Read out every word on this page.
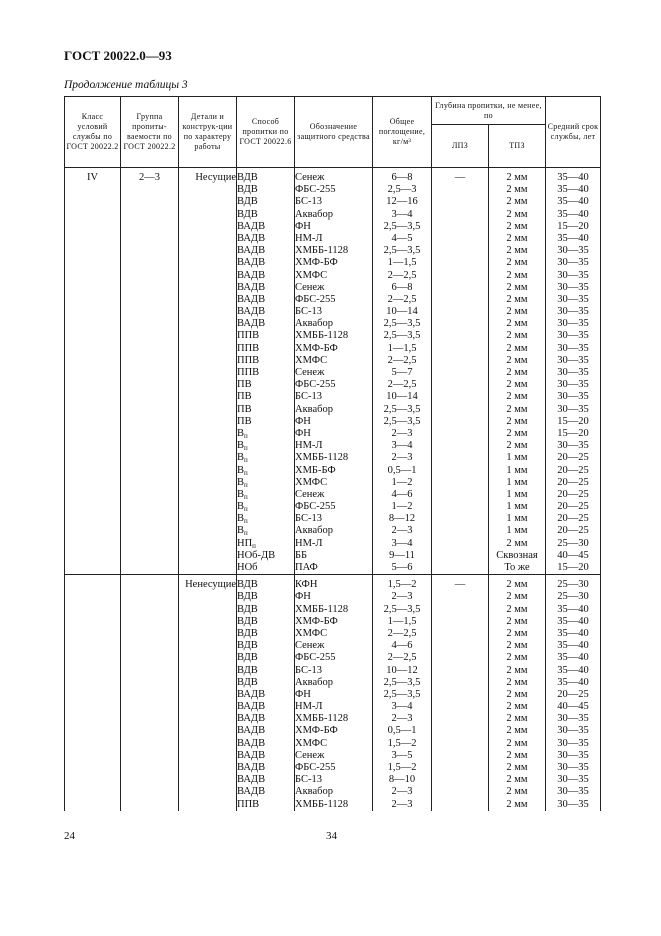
ГОСТ 20022.0—93
Продолжение таблицы 3
Класс условий службы по ГОСТ 20022.2	Группа пропиты-ваемости по ГОСТ 20022.2	Детали и конструк-ции по характеру работы	Способ пропитки по ГОСТ 20022.6	Обозначение защитного средства	Общее поглощение, кг/м³	Глубина пропитки, не менее, по		Средний срок службы, лет
						ЛПЗ	ТПЗ	

IV	2—3	Несущие	ВДВ	Сенеж	6—8	—	2 мм	35—40
			ВДВ	ФБС-255	2,5—3		2 мм	35—40
			ВДВ	БС-13	12—16		2 мм	35—40
			ВДВ	Аквабор	3—4		2 мм	35—40
			ВАДВ	ФН	2,5—3,5		2 мм	15—20
			ВАДВ	НМ-Л	4—5		2 мм	35—40
			ВАДВ	ХМББ-1128	2,5—3,5		2 мм	30—35
			ВАДВ	ХМФ-БФ	1—1,5		2 мм	30—35
			ВАДВ	ХМФС	2—2,5		2 мм	30—35
			ВАДВ	Сенеж	6—8		2 мм	30—35
			ВАДВ	ФБС-255	2—2,5		2 мм	30—35
			ВАДВ	БС-13	10—14		2 мм	30—35
			ВАДВ	Аквабор	2,5—3,5		2 мм	30—35
			ППВ	ХМББ-1128	2,5—3,5		2 мм	30—35
			ППВ	ХМФ-БФ	1—1,5		2 мм	30—35
			ППВ	ХМФС	2—2,5		2 мм	30—35
			ППВ	Сенеж	5—7		2 мм	30—35
			ПВ	ФБС-255	2—2,5		2 мм	30—35
			ПВ	БС-13	10—14		2 мм	30—35
			ПВ	Аквабор	2,5—3,5		2 мм	30—35
			ПВ	ФН	2,5—3,5		2 мм	15—20
			$В_п$	ФН	2—3		2 мм	15—20
			$В_п$	НМ-Л	3—4		2 мм	30—35
			$В_п$	ХМББ-1128	2—3		1 мм	20—25
			$В_п$	ХМБ-БФ	0,5—1		1 мм	20—25
			$В_п$	ХМФС	1—2		1 мм	20—25
			$В_п$	Сенеж	4—6		1 мм	20—25
			$В_п$	ФБС-255	1—2		1 мм	20—25
			$В_п$	БС-13	8—12		1 мм	20—25
			$В_п$	Аквабор	2—3		1 мм	20—25
			$НП_п$	НМ-Л	3—4		2 мм	25—30
			НОб-ДВ	ББ	9—11		Сквозная	40—45
			НОб	ПАФ	5—6		То же	15—20

		Ненесущие	ВДВ	КФН	1,5—2	—	2 мм	25—30
			ВДВ	ФН	2—3		2 мм	25—30
			ВДВ	ХМББ-1128	2,5—3,5		2 мм	35—40
			ВДВ	ХМФ-БФ	1—1,5		2 мм	35—40
			ВДВ	ХМФС	2—2,5		2 мм	35—40
			ВДВ	Сенеж	4—6		2 мм	35—40
			ВДВ	ФБС-255	2—2,5		2 мм	35—40
			ВДВ	БС-13	10—12		2 мм	35—40
			ВДВ	Аквабор	2,5—3,5		2 мм	35—40
			ВАДВ	ФН	2,5—3,5		2 мм	20—25
			ВАДВ	НМ-Л	3—4		2 мм	40—45
			ВАДВ	ХМББ-1128	2—3		2 мм	30—35
			ВАДВ	ХМФ-БФ	0,5—1		2 мм	30—35
			ВАДВ	ХМФС	1,5—2		2 мм	30—35
			ВАДВ	Сенеж	3—5		2 мм	30—35
			ВАДВ	ФБС-255	1,5—2		2 мм	30—35
			ВАДВ	БС-13	8—10		2 мм	30—35
			ВАДВ	Аквабор	2—3		2 мм	30—35
			ППВ	ХМББ-1128	2—3		2 мм	30—35
24	34
